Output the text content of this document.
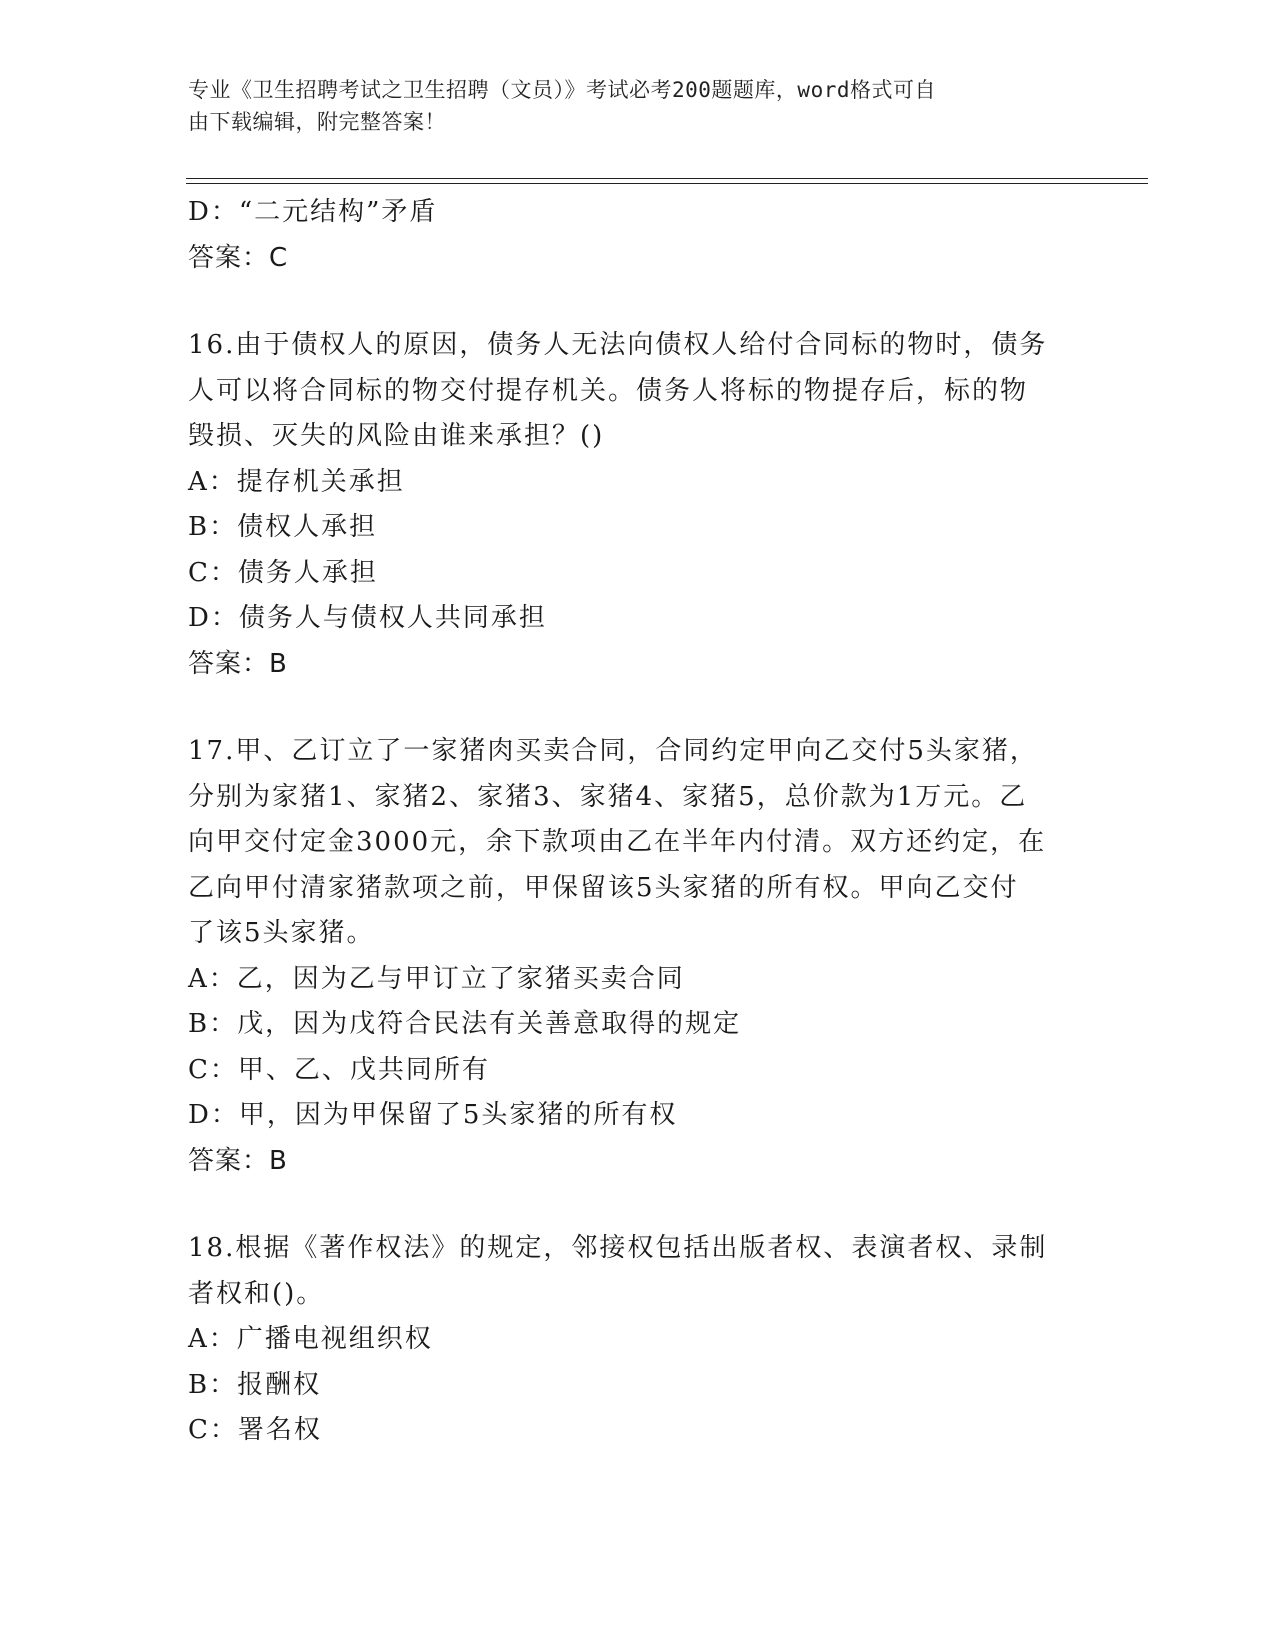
专业《卫生招聘考试之卫生招聘（文员）》考试必考200题题库，word格式可自
由下载编辑，附完整答案！
D：“二元结构”矛盾
答案：C
16.由于债权人的原因，债务人无法向债权人给付合同标的物时，债务
人可以将合同标的物交付提存机关。债务人将标的物提存后，标的物
毁损、灭失的风险由谁来承担？()
A：提存机关承担
B：债权人承担
C：债务人承担
D：债务人与债权人共同承担
答案：B
17.甲、乙订立了一家猪肉买卖合同，合同约定甲向乙交付5头家猪，
分别为家猪1、家猪2、家猪3、家猪4、家猪5，总价款为1万元。乙
向甲交付定金3000元，余下款项由乙在半年内付清。双方还约定，在
乙向甲付清家猪款项之前，甲保留该5头家猪的所有权。甲向乙交付
了该5头家猪。
A：乙，因为乙与甲订立了家猪买卖合同
B：戊，因为戊符合民法有关善意取得的规定
C：甲、乙、戊共同所有
D：甲，因为甲保留了5头家猪的所有权
答案：B
18.根据《著作权法》的规定，邻接权包括出版者权、表演者权、录制
者权和()。
A：广播电视组织权
B：报酬权
C：署名权
